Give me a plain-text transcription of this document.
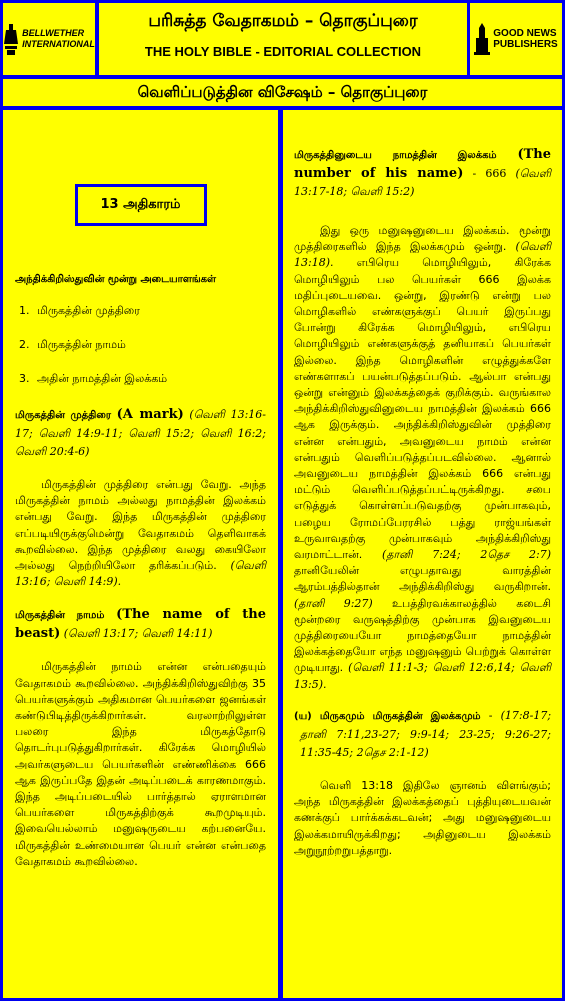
BELLWETHER
INTERNATIONAL
பரிசுத்த வேதாகமம் – தொகுப்புரை
THE HOLY BIBLE - EDITORIAL COLLECTION
GOOD NEWS
PUBLISHERS
வெளிப்படுத்தின விசேஷம் – தொகுப்புரை
13 அதிகாரம்
அந்திக்கிறிஸ்துவின் மூன்று அடையாளங்கள்
1. மிருகத்தின் முத்திரை
2. மிருகத்தின் நாமம்
3. அதின் நாமத்தின் இலக்கம்
மிருகத்தின் முத்திரை (A mark) (வெளி 13:16-17; வெளி 14:9-11; வெளி 15:2; வெளி 16:2; வெளி 20:4-6)
மிருகத்தின் முத்திரை என்பது வேறு. அந்த மிருகத்தின் நாமம் அல்லது நாமத்தின் இலக்கம் என்பது வேறு. இந்த மிருகத்தின் முத்திரை எப்படியிருக்குமென்று வேதாகமம் தெளிவாகக் கூறவில்லை. இந்த முத்திரை வலது கையிலோ அல்லது நெற்றியிலோ தரிக்கப்படும். (வெளி 13:16; வெளி 14:9).
மிருகத்தின் நாமம் (The name of the beast) (வெளி 13:17; வெளி 14:11)
மிருகத்தின் நாமம் என்ன என்பதையும் வேதாகமம் கூறவில்லை. அந்திக்கிறிஸ்துவிற்கு 35 பெயர்களுக்கும் அதிகமான பெயர்களை ஜனங்கள் கண்டுபிடித்திருக்கிறார்கள். வரலாற்றிலுள்ள பலரை இந்த மிருகத்தோடு தொடர்புபடுத்துகிறார்கள். கிரேக்க மொழியில் அவர்களுடைய பெயர்களின் எண்ணிக்கை 666 ஆக இருப்பதே இதன் அடிப்படைக் காரணமாகும். இந்த அடிப்படையில் பார்த்தால் ஏராளமான பெயர்களை மிருகத்திற்குக் கூறமுடியும். இவையெல்லாம் மனுஷருடைய கற்பனையே. மிருகத்தின் உண்மையான பெயர் என்ன என்பதை வேதாகமம் கூறவில்லை.
மிருகத்தினுடைய நாமத்தின் இலக்கம் (The number of his name) - 666 (வெளி 13:17-18; வெளி 15:2)
இது ஒரு மனுஷனுடைய இலக்கம். மூன்று முத்திரைகளில் இந்த இலக்கமும் ஒன்று. (வெளி 13:18). எபிரெய மொழியிலும், கிரேக்க மொழியிலும் பல பெயர்கள் 666 இலக்க மதிப்புடையவை. ஒன்று, இரண்டு என்று பல மொழிகளில் எண்களுக்குப் பெயர் இருப்பது போன்று கிரேக்க மொழியிலும், எபிரெய மொழியிலும் எண்களுக்குத் தனியாகப் பெயர்கள் இல்லை. இந்த மொழிகளின் எழுத்துக்களே எண்களாகப் பயன்படுத்தப்படும். ஆல்பா என்பது ஒன்று என்னும் இலக்கத்தைக் குறிக்கும். வருங்கால அந்திக்கிறிஸ்துவினுடைய நாமத்தின் இலக்கம் 666 ஆக இருக்கும். அந்திக்கிறிஸ்துவின் முத்திரை என்ன என்பதும், அவனுடைய நாமம் என்ன என்பதும் வெளிப்படுத்தப்படவில்லை. ஆனால் அவனுடைய நாமத்தின் இலக்கம் 666 என்பது மட்டும் வெளிப்படுத்தப்பட்டிருக்கிறது. சபை எடுத்துக் கொள்ளப்படுவதற்கு முன்பாகவும், பழைய ரோமப்பேரரசில் பத்து ராஜ்யங்கள் உருவாவதற்கு முன்பாகவும் அந்திக்கிறிஸ்து வரமாட்டான். (தானி 7:24; 2தெச 2:7) தானியேலின் எழுபதாவது வாரத்தின் ஆரம்பத்தில்தான் அந்திக்கிறிஸ்து வருகிறான். (தானி 9:27) உபத்திரவக்காலத்தில் கடைசி மூன்றரை வருஷத்திற்கு முன்பாக இவனுடைய முத்திரையையோ நாமத்தையோ நாமத்தின் இலக்கத்தையோ எந்த மனுஷனும் பெற்றுக் கொள்ள முடியாது. (வெளி 11:1-3; வெளி 12:6,14; வெளி 13:5).
(ய) மிருகமும் மிருகத்தின் இலக்கமும் - (17:8-17; தானி 7:11,23-27; 9:9-14; 23-25; 9:26-27; 11:35-45; 2தெச 2:1-12)
வெளி 13:18 இதிலே ஞானம் விளங்கும்; அந்த மிருகத்தின் இலக்கத்தைப் புத்தியுடையவன் கணக்குப் பார்க்கக்கடவன்; அது மனுஷனுடைய இலக்கமாயிருக்கிறது; அதினுடைய இலக்கம் அறுநூற்றறுபத்தாறு.
